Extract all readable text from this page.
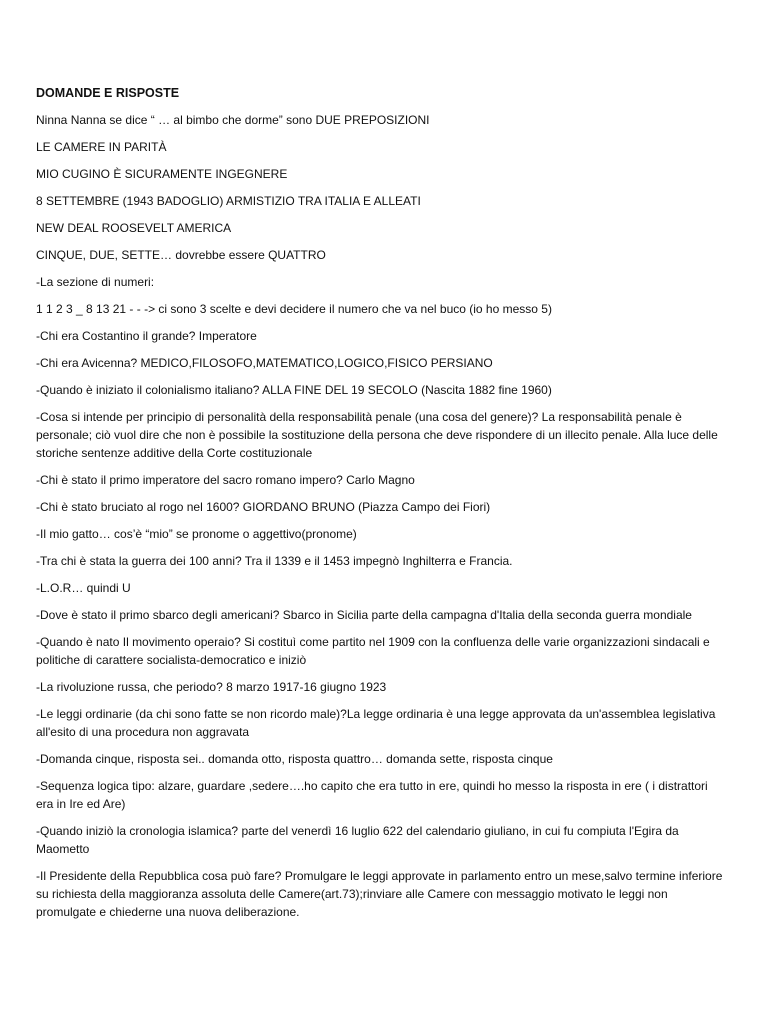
DOMANDE E RISPOSTE
Ninna Nanna se dice “ … al bimbo che dorme” sono DUE PREPOSIZIONI
LE CAMERE IN PARITÀ
MIO CUGINO È SICURAMENTE INGEGNERE
8 SETTEMBRE (1943 BADOGLIO) ARMISTIZIO TRA ITALIA E ALLEATI
NEW DEAL ROOSEVELT AMERICA
CINQUE, DUE, SETTE… dovrebbe essere QUATTRO
-La sezione di numeri:
1 1 2 3 _ 8 13 21 - - -> ci sono 3 scelte e devi decidere il numero che va nel buco (io ho messo 5)
-Chi era Costantino il grande? Imperatore
-Chi era Avicenna? MEDICO,FILOSOFO,MATEMATICO,LOGICO,FISICO PERSIANO
-Quando è iniziato il colonialismo italiano? ALLA FINE DEL 19 SECOLO (Nascita 1882 fine 1960)
-Cosa si intende per principio di personalità della responsabilità penale (una cosa del genere)? La responsabilità penale è personale; ciò vuol dire che non è possibile la sostituzione della persona che deve rispondere di un illecito penale. Alla luce delle storiche sentenze additive della Corte costituzionale
-Chi è stato il primo imperatore del sacro romano impero? Carlo Magno
-Chi è stato bruciato al rogo nel 1600? GIORDANO BRUNO (Piazza Campo dei Fiori)
-Il mio gatto… cos’è “mio” se pronome o aggettivo(pronome)
-Tra chi è stata la guerra dei 100 anni? Tra il 1339 e il 1453 impegnò Inghilterra e Francia.
-L.O.R… quindi U
-Dove è stato il primo sbarco degli americani? Sbarco in Sicilia parte della campagna d'Italia della seconda guerra mondiale
-Quando è nato Il movimento operaio? Si costituì come partito nel 1909 con la confluenza delle varie organizzazioni sindacali e politiche di carattere socialista-democratico e iniziò
-La rivoluzione russa, che periodo? 8 marzo 1917-16 giugno 1923
-Le leggi ordinarie (da chi sono fatte se non ricordo male)?La legge ordinaria è una legge approvata da un'assemblea legislativa all'esito di una procedura non aggravata
-Domanda cinque, risposta sei.. domanda otto, risposta quattro… domanda sette, risposta cinque
-Sequenza logica tipo: alzare, guardare ,sedere….ho capito che era tutto in ere, quindi ho messo la risposta in ere ( i distrattori era in Ire ed Are)
-Quando iniziò la cronologia islamica? parte del venerdì 16 luglio 622 del calendario giuliano, in cui fu compiuta l'Egira da Maometto
-Il Presidente della Repubblica cosa può fare? Promulgare le leggi approvate in parlamento entro un mese,salvo termine inferiore su richiesta della maggioranza assoluta delle Camere(art.73);rinviare alle Camere con messaggio motivato le leggi non promulgate e chiederne una nuova deliberazione.
